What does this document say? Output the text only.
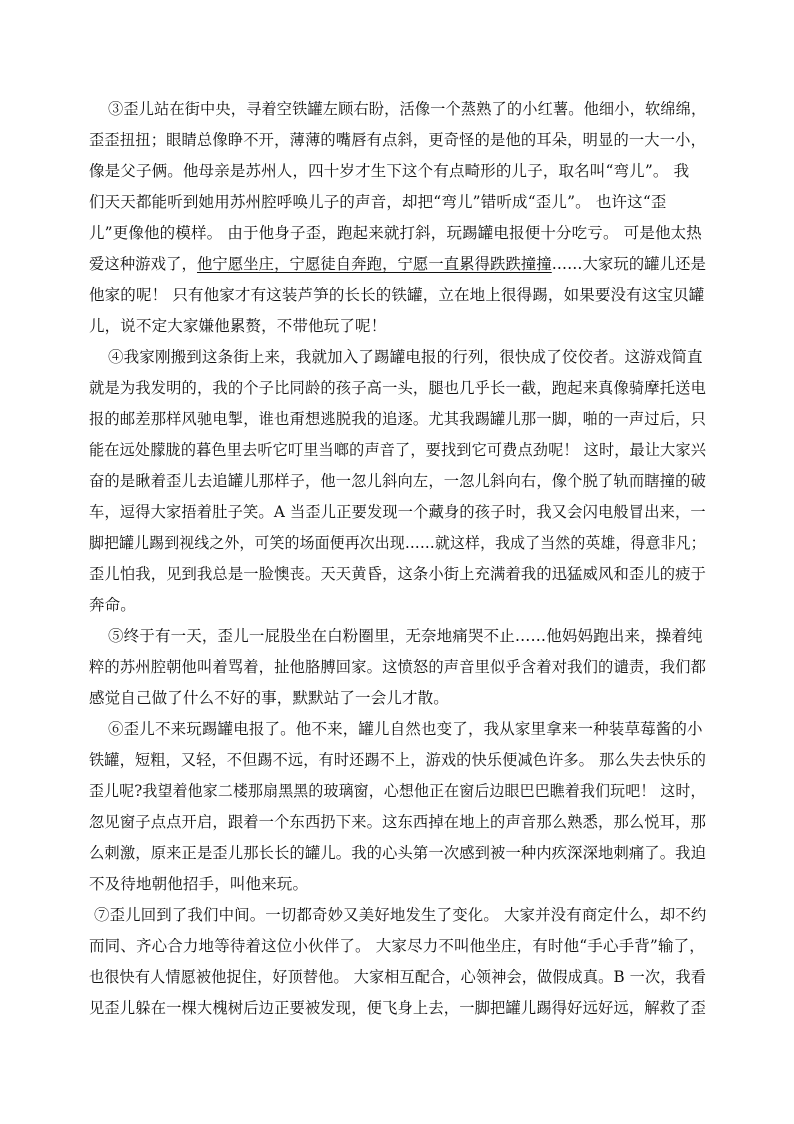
③歪儿站在街中央，寻着空铁罐左顾右盼，活像一个蒸熟了的小红薯。他细小，软绵绵，
歪歪扭扭；眼睛总像睁不开，薄薄的嘴唇有点斜，更奇怪的是他的耳朵，明显的一大一小，
像是父子俩。他母亲是苏州人，四十岁才生下这个有点畸形的儿子，取名叫“弯儿”。 我
们天天都能听到她用苏州腔呼唤儿子的声音，却把“弯儿”错听成“歪儿”。 也许这“歪
儿”更像他的模样。 由于他身子歪，跑起来就打斜，玩踢罐电报便十分吃亏。 可是他太热
爱这种游戏了，他宁愿坐庄，宁愿徒自奔跑，宁愿一直累得跌跌撞撞……大家玩的罐儿还是
他家的呢！ 只有他家才有这装芦笋的长长的铁罐，立在地上很得踢，如果要没有这宝贝罐
儿，说不定大家嫌他累赘，不带他玩了呢！
④我家刚搬到这条街上来，我就加入了踢罐电报的行列，很快成了佼佼者。这游戏简直
就是为我发明的，我的个子比同龄的孩子高一头，腿也几乎长一截，跑起来真像骑摩托送电
报的邮差那样风驰电掣，谁也甭想逃脱我的追逐。尤其我踢罐儿那一脚，啪的一声过后，只
能在远处朦胧的暮色里去听它叮里当啷的声音了，要找到它可费点劲呢！ 这时，最让大家兴
奋的是瞅着歪儿去追罐儿那样子，他一忽儿斜向左，一忽儿斜向右，像个脱了轨而瞎撞的破
车，逗得大家捂着肚子笑。A 当歪儿正要发现一个藏身的孩子时，我又会闪电般冒出来，一
脚把罐儿踢到视线之外，可笑的场面便再次出现……就这样，我成了当然的英雄，得意非凡；
歪儿怕我，见到我总是一脸懊丧。天天黄昏，这条小街上充满着我的迅猛威风和歪儿的疲于
奔命。
⑤终于有一天，歪儿一屁股坐在白粉圈里，无奈地痛哭不止……他妈妈跑出来，操着纯
粹的苏州腔朝他叫着骂着，扯他胳膊回家。这愤怒的声音里似乎含着对我们的谴责，我们都
感觉自己做了什么不好的事，默默站了一会儿才散。
⑥歪儿不来玩踢罐电报了。他不来，罐儿自然也变了，我从家里拿来一种装草莓酱的小
铁罐，短粗，又轻，不但踢不远，有时还踢不上，游戏的快乐便减色许多。 那么失去快乐的
歪儿呢?我望着他家二楼那扇黑黑的玻璃窗，心想他正在窗后边眼巴巴瞧着我们玩吧！ 这时，
忽见窗子点点开启，跟着一个东西扔下来。这东西掉在地上的声音那么熟悉，那么悦耳，那
么刺激，原来正是歪儿那长长的罐儿。我的心头第一次感到被一种内疚深深地刺痛了。我迫
不及待地朝他招手，叫他来玩。
⑦歪儿回到了我们中间。一切都奇妙又美好地发生了变化。 大家并没有商定什么，却不约
而同、齐心合力地等待着这位小伙伴了。 大家尽力不叫他坐庄，有时他“手心手背”输了，
也很快有人情愿被他捉住，好顶替他。 大家相互配合，心领神会，做假成真。B 一次，我看
见歪儿躲在一棵大槐树后边正要被发现，便飞身上去，一脚把罐儿踢得好远好远，解救了歪
